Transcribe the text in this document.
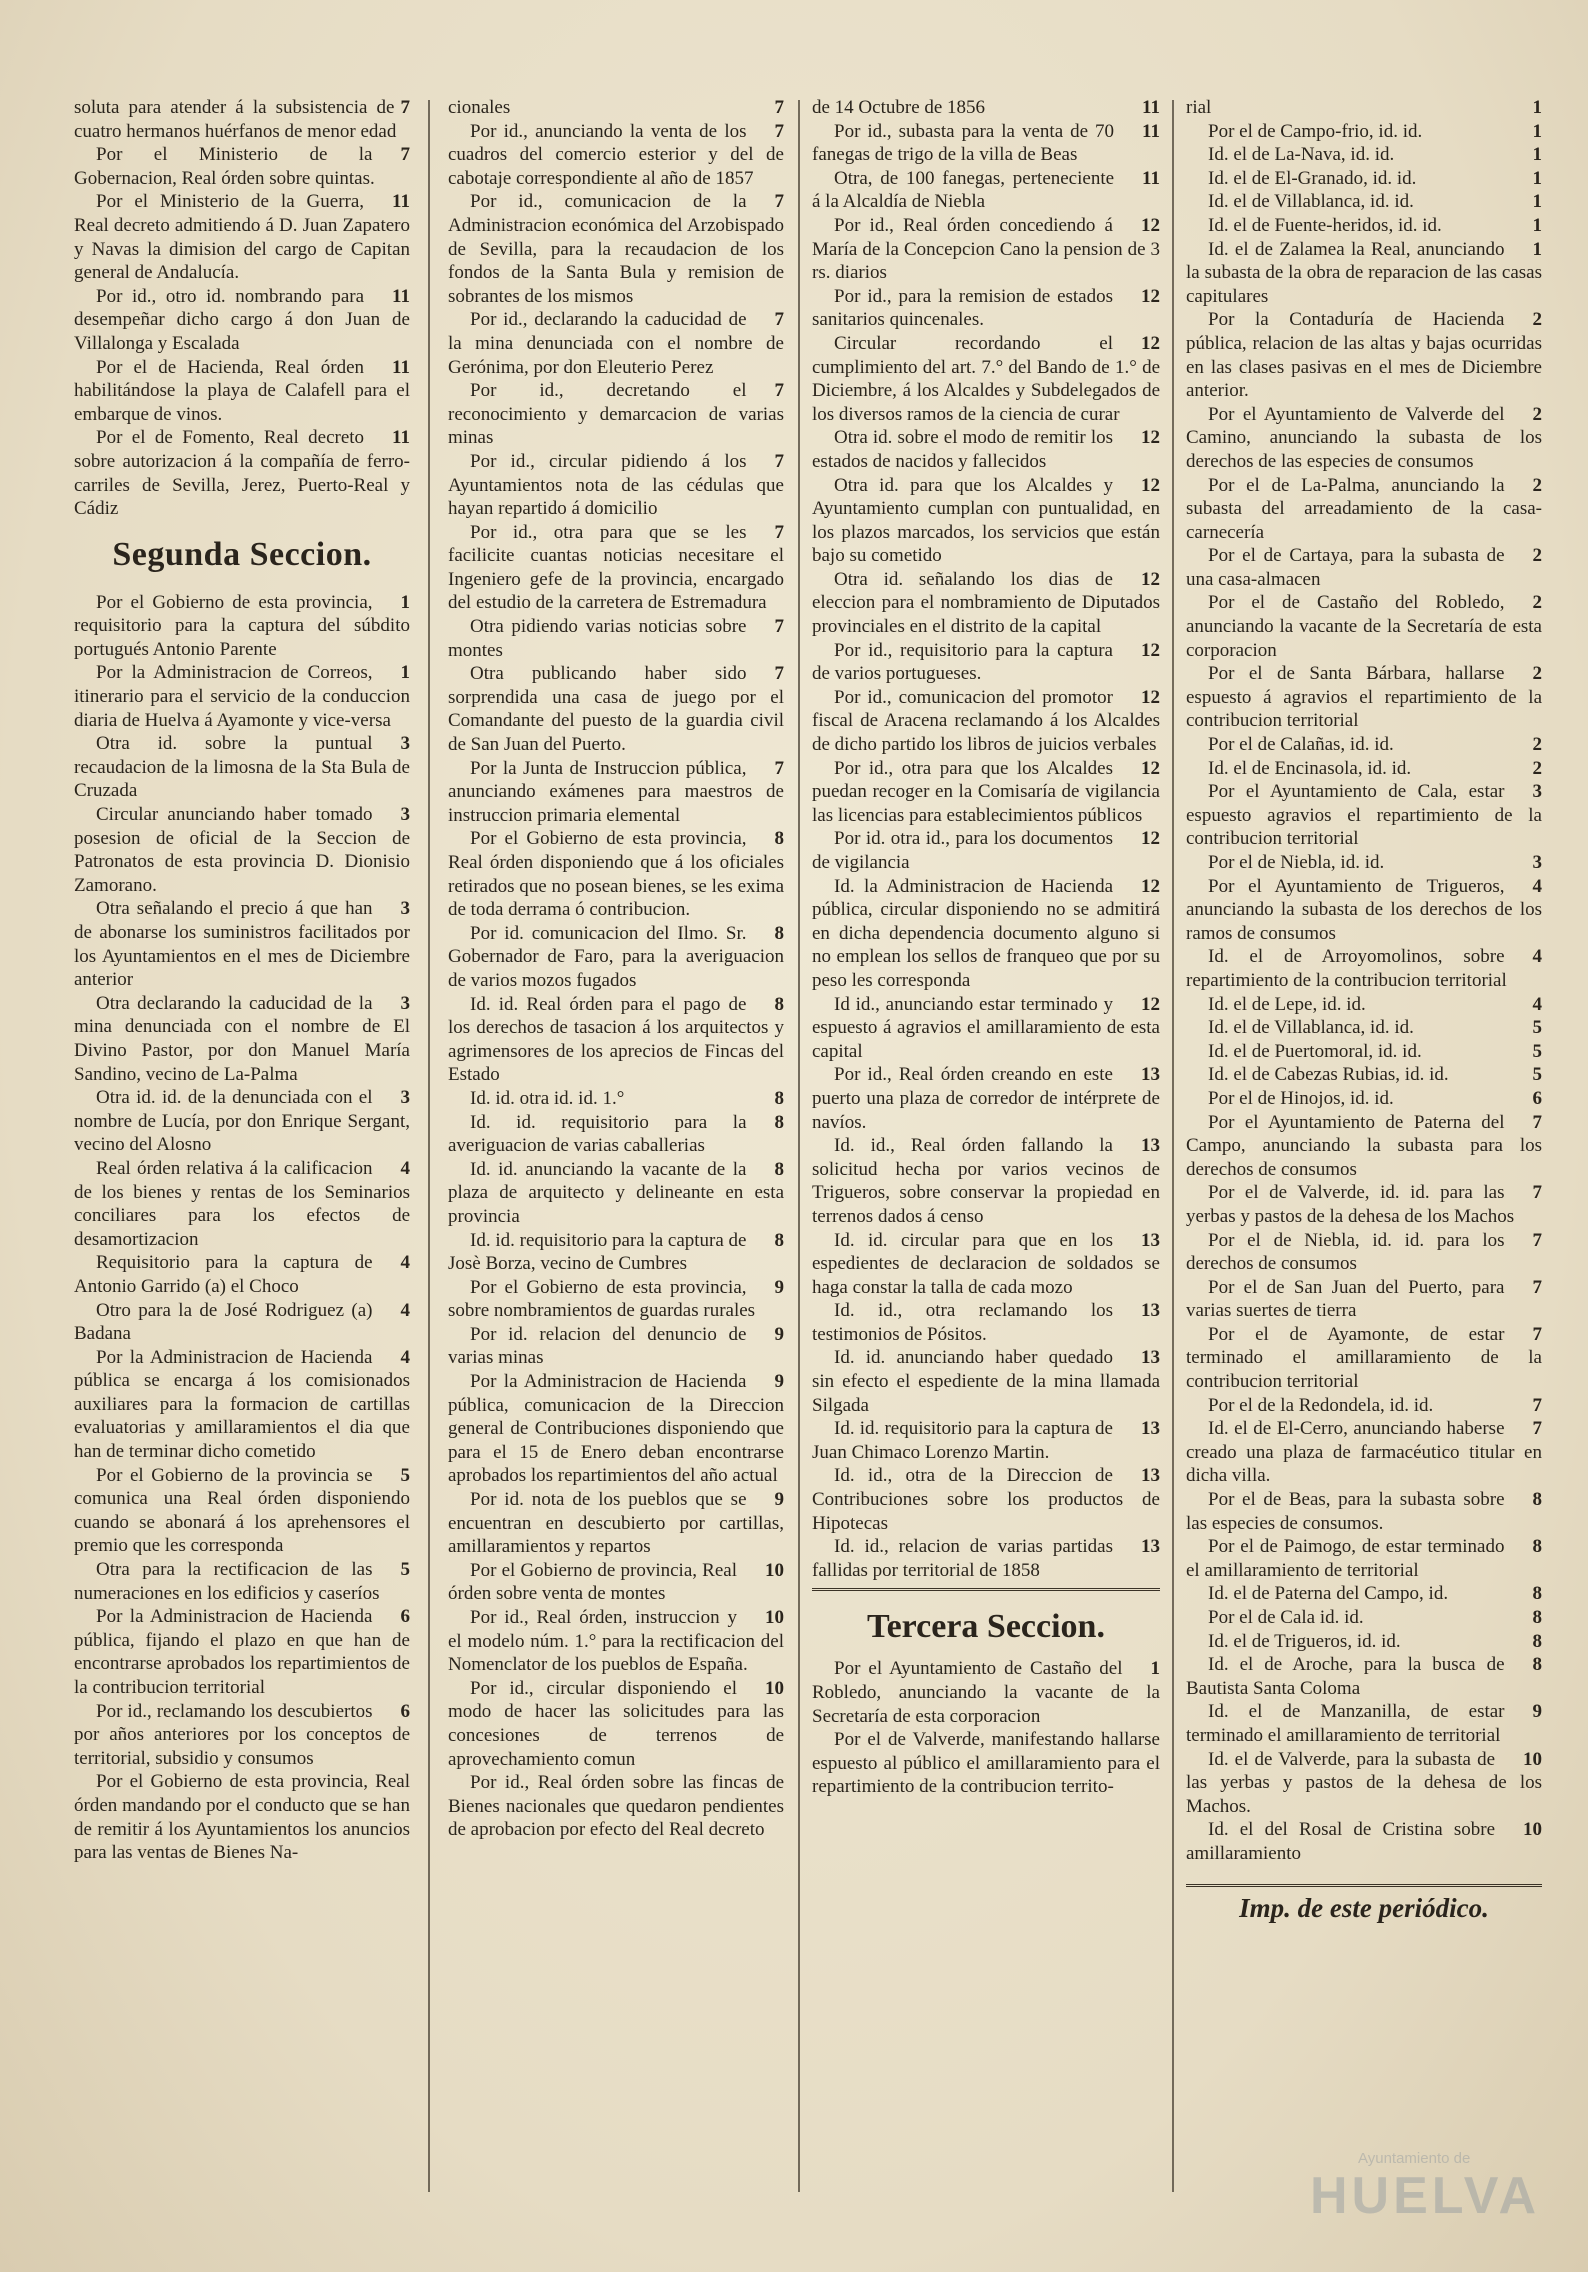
7
soluta para atender á la subsistencia de cuatro hermanos huérfanos de menor edad

7
Por el Ministerio de la Gobernacion, Real órden sobre quintas.

11
Por el Ministerio de la Guerra, Real decreto admitiendo á D. Juan Zapatero y Navas la dimision del cargo de Capitan general de Andalucía.

11
Por id., otro id. nombrando para desempeñar dicho cargo á don Juan de Villalonga y Escalada

11
Por el de Hacienda, Real órden habilitándose la playa de Calafell para el embarque de vinos.

11
Por el de Fomento, Real decreto sobre autorizacion á la compañía de ferro-carriles de Sevilla, Jerez, Puerto-Real y Cádiz

Segunda Seccion.

1
Por el Gobierno de esta provincia, requisitorio para la captura del súbdito portugués Antonio Parente

1
Por la Administracion de Correos, itinerario para el servicio de la conduccion diaria de Huelva á Ayamonte y vice-versa

3
Otra id. sobre la puntual recaudacion de la limosna de la Sta Bula de Cruzada

3
Circular anunciando haber tomado posesion de oficial de la Seccion de Patronatos de esta provincia D. Dionisio Zamorano.

3
Otra señalando el precio á que han de abonarse los suministros facilitados por los Ayuntamientos en el mes de Diciembre anterior

3
Otra declarando la caducidad de la mina denunciada con el nombre de El Divino Pastor, por don Manuel María Sandino, vecino de La-Palma

3
Otra id. id. de la denunciada con el nombre de Lucía, por don Enrique Sergant, vecino del Alosno

4
Real órden relativa á la calificacion de los bienes y rentas de los Seminarios conciliares para los efectos de desamortizacion

4
Requisitorio para la captura de Antonio Garrido (a) el Choco

4
Otro para la de José Rodriguez (a) Badana

4
Por la Administracion de Hacienda pública se encarga á los comisionados auxiliares para la formacion de cartillas evaluatorias y amillaramientos el dia que han de terminar dicho cometido

5
Por el Gobierno de la provincia se comunica una Real órden disponiendo cuando se abonará á los aprehensores el premio que les corresponda

5
Otra para la rectificacion de las numeraciones en los edificios y caseríos

6
Por la Administracion de Hacienda pública, fijando el plazo en que han de encontrarse aprobados los repartimientos de la contribucion territorial

6
Por id., reclamando los descubiertos por años anteriores por los conceptos de territorial, subsidio y consumos

Por el Gobierno de esta provincia, Real órden mandando por el conducto que se han de remitir á los Ayuntamientos los anuncios para las ventas de Bienes Na-

7
cionales

7
Por id., anunciando la venta de los cuadros del comercio esterior y del de cabotaje correspondiente al año de 1857

7
Por id., comunicacion de la Administracion económica del Arzobispado de Sevilla, para la recaudacion de los fondos de la Santa Bula y remision de sobrantes de los mismos

7
Por id., declarando la caducidad de la mina denunciada con el nombre de Gerónima, por don Eleuterio Perez

7
Por id., decretando el reconocimiento y demarcacion de varias minas

7
Por id., circular pidiendo á los Ayuntamientos nota de las cédulas que hayan repartido á domicilio

7
Por id., otra para que se les facilicite cuantas noticias necesitare el Ingeniero gefe de la provincia, encargado del estudio de la carretera de Estremadura

7
Otra pidiendo varias noticias sobre montes

7
Otra publicando haber sido sorprendida una casa de juego por el Comandante del puesto de la guardia civil de San Juan del Puerto.

7
Por la Junta de Instruccion pública, anunciando exámenes para maestros de instruccion primaria elemental

8
Por el Gobierno de esta provincia, Real órden disponiendo que á los oficiales retirados que no posean bienes, se les exima de toda derrama ó contribucion.

8
Por id. comunicacion del Ilmo. Sr. Gobernador de Faro, para la averiguacion de varios mozos fugados

8
Id. id. Real órden para el pago de los derechos de tasacion á los arquitectos y agrimensores de los aprecios de Fincas del Estado

8
Id. id. otra id. id. 1.°

8
Id. id. requisitorio para la averiguacion de varias caballerias

8
Id. id. anunciando la vacante de la plaza de arquitecto y delineante en esta provincia

8
Id. id. requisitorio para la captura de Josè Borza, vecino de Cumbres

9
Por el Gobierno de esta provincia, sobre nombramientos de guardas rurales

9
Por id. relacion del denuncio de varias minas

9
Por la Administracion de Hacienda pública, comunicacion de la Direccion general de Contribuciones disponiendo que para el 15 de Enero deban encontrarse aprobados los repartimientos del año actual

9
Por id. nota de los pueblos que se encuentran en descubierto por cartillas, amillaramientos y repartos

10
Por el Gobierno de provincia, Real órden sobre venta de montes

10
Por id., Real órden, instruccion y el modelo núm. 1.° para la rectificacion del Nomenclator de los pueblos de España.

10
Por id., circular disponiendo el modo de hacer las solicitudes para las concesiones de terrenos de aprovechamiento comun

Por id., Real órden sobre las fincas de Bienes nacionales que quedaron pendientes de aprobacion por efecto del Real decreto

11
de 14 Octubre de 1856

11
Por id., subasta para la venta de 70 fanegas de trigo de la villa de Beas

11
Otra, de 100 fanegas, perteneciente á la Alcaldía de Niebla

12
Por id., Real órden concediendo á María de la Concepcion Cano la pension de 3 rs. diarios

12
Por id., para la remision de estados sanitarios quincenales.

12
Circular recordando el cumplimiento del art. 7.° del Bando de 1.° de Diciembre, á los Alcaldes y Subdelegados de los diversos ramos de la ciencia de curar

12
Otra id. sobre el modo de remitir los estados de nacidos y fallecidos

12
Otra id. para que los Alcaldes y Ayuntamiento cumplan con puntualidad, en los plazos marcados, los servicios que están bajo su cometido

12
Otra id. señalando los dias de eleccion para el nombramiento de Diputados provinciales en el distrito de la capital

12
Por id., requisitorio para la captura de varios portugueses.

12
Por id., comunicacion del promotor fiscal de Aracena reclamando á los Alcaldes de dicho partido los libros de juicios verbales

12
Por id., otra para que los Alcaldes puedan recoger en la Comisaría de vigilancia las licencias para establecimientos públicos

12
Por id. otra id., para los documentos de vigilancia

12
Id. la Administracion de Hacienda pública, circular disponiendo no se admitirá en dicha dependencia documento alguno si no emplean los sellos de franqueo que por su peso les corresponda

12
Id id., anunciando estar terminado y espuesto á agravios el amillaramiento de esta capital

13
Por id., Real órden creando en este puerto una plaza de corredor de intérprete de navíos.

13
Id. id., Real órden fallando la solicitud hecha por varios vecinos de Trigueros, sobre conservar la propiedad en terrenos dados á censo

13
Id. id. circular para que en los espedientes de declaracion de soldados se haga constar la talla de cada mozo

13
Id. id., otra reclamando los testimonios de Pósitos.

13
Id. id. anunciando haber quedado sin efecto el espediente de la mina llamada Silgada

13
Id. id. requisitorio para la captura de Juan Chimaco Lorenzo Martin.

13
Id. id., otra de la Direccion de Contribuciones sobre los productos de Hipotecas

13
Id. id., relacion de varias partidas fallidas por territorial de 1858

Tercera Seccion.

1
Por el Ayuntamiento de Castaño del Robledo, anunciando la vacante de la Secretaría de esta corporacion

Por el de Valverde, manifestando hallarse espuesto al público el amillaramiento para el repartimiento de la contribucion territo-

1
rial

1
Por el de Campo-frio, id. id.

1
Id. el de La-Nava, id. id.

1
Id. el de El-Granado, id. id.

1
Id. el de Villablanca, id. id.

1
Id. el de Fuente-heridos, id. id.

1
Id. el de Zalamea la Real, anunciando la subasta de la obra de reparacion de las casas capitulares

2
Por la Contaduría de Hacienda pública, relacion de las altas y bajas ocurridas en las clases pasivas en el mes de Diciembre anterior.

2
Por el Ayuntamiento de Valverde del Camino, anunciando la subasta de los derechos de las especies de consumos

2
Por el de La-Palma, anunciando la subasta del arreadamiento de la casa-carnecería

2
Por el de Cartaya, para la subasta de una casa-almacen

2
Por el de Castaño del Robledo, anunciando la vacante de la Secretaría de esta corporacion

2
Por el de Santa Bárbara, hallarse espuesto á agravios el repartimiento de la contribucion territorial

2
Por el de Calañas, id. id.

2
Id. el de Encinasola, id. id.

3
Por el Ayuntamiento de Cala, estar espuesto agravios el repartimiento de la contribucion territorial

3
Por el de Niebla, id. id.

4
Por el Ayuntamiento de Trigueros, anunciando la subasta de los derechos de los ramos de consumos

4
Id. el de Arroyomolinos, sobre repartimiento de la contribucion territorial

4
Id. el de Lepe, id. id.

5
Id. el de Villablanca, id. id.

5
Id. el de Puertomoral, id. id.

5
Id. el de Cabezas Rubias, id. id.

6
Por el de Hinojos, id. id.

7
Por el Ayuntamiento de Paterna del Campo, anunciando la subasta para los derechos de consumos

7
Por el de Valverde, id. id. para las yerbas y pastos de la dehesa de los Machos

7
Por el de Niebla, id. id. para los derechos de consumos

7
Por el de San Juan del Puerto, para varias suertes de tierra

7
Por el de Ayamonte, de estar terminado el amillaramiento de la contribucion territorial

7
Por el de la Redondela, id. id.

7
Id. el de El-Cerro, anunciando haberse creado una plaza de farmacéutico titular en dicha villa.

8
Por el de Beas, para la subasta sobre las especies de consumos.

8
Por el de Paimogo, de estar terminado el amillaramiento de territorial

8
Id. el de Paterna del Campo, id.

8
Por el de Cala id. id.

8
Id. el de Trigueros, id. id.

8
Id. el de Aroche, para la busca de Bautista Santa Coloma

9
Id. el de Manzanilla, de estar terminado el amillaramiento de territorial

10
Id. el de Valverde, para la subasta de las yerbas y pastos de la dehesa de los Machos.

10
Id. el del Rosal de Cristina sobre amillaramiento

Imp. de este periódico.
Ayuntamiento de
HUELVA
